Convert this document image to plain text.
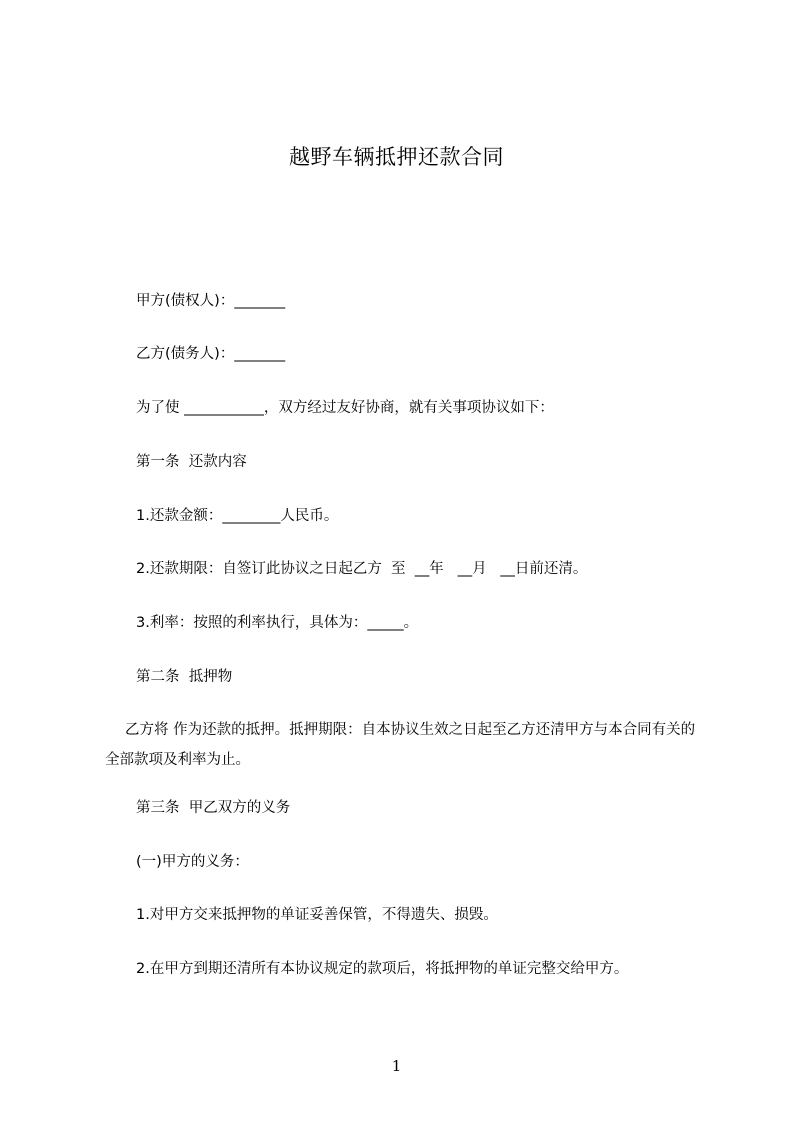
越野车辆抵押还款合同
甲方(债权人)：_______
乙方(债务人)：_______
为了使 ___________，双方经过友好协商，就有关事项协议如下：
第一条  还款内容
1.还款金额：________人民币。
2.还款期限：自签订此协议之日起乙方  至  __年   __月   __日前还清。
3.利率：按照的利率执行，具体为：_____。
第二条  抵押物
乙方将 作为还款的抵押。抵押期限：自本协议生效之日起至乙方还清甲方与本合同有关的全部款项及利率为止。
第三条  甲乙双方的义务
(一)甲方的义务：
1.对甲方交来抵押物的单证妥善保管，不得遗失、损毁。
2.在甲方到期还清所有本协议规定的款项后，将抵押物的单证完整交给甲方。
1
